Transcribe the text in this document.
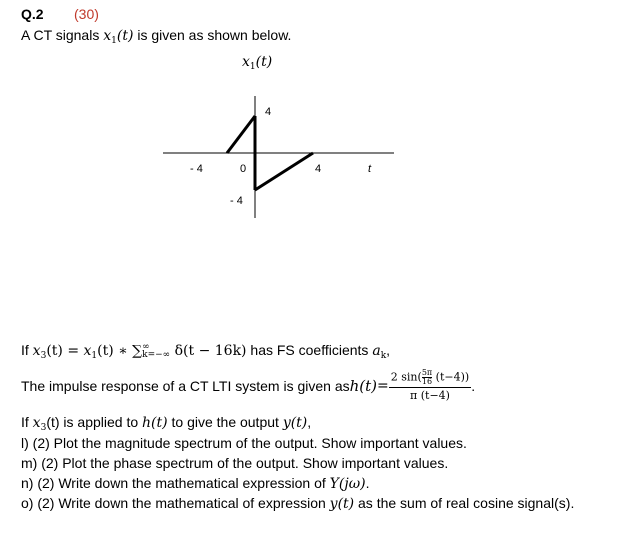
Q.2 (30)
A CT signals $x_1(t)$ is given as shown below.
$x_1(t)$
- 4	0	4	t
4
- 4
If $x_3(t) = x_1(t)$ ∗ ∑ ∞
k=−∞ δ(t − 16k) has FS coefficients $a_k$,
The impulse response of a CT LTI system is given as $h(t) = \frac{2 \sin( \frac{5\pi}{16} (t-4))}{\pi (t-4)}$ .
If $x_3(t)$ is applied to h(t) to give the output y(t),
l) (2) Plot the magnitude spectrum of the output. Show important values.
m) (2) Plot the phase spectrum of the output. Show important values.
n) (2) Write down the mathematical expression of Y(jω).
o) (2) Write down the mathematical of expression y(t) as the sum of real cosine signal(s).
